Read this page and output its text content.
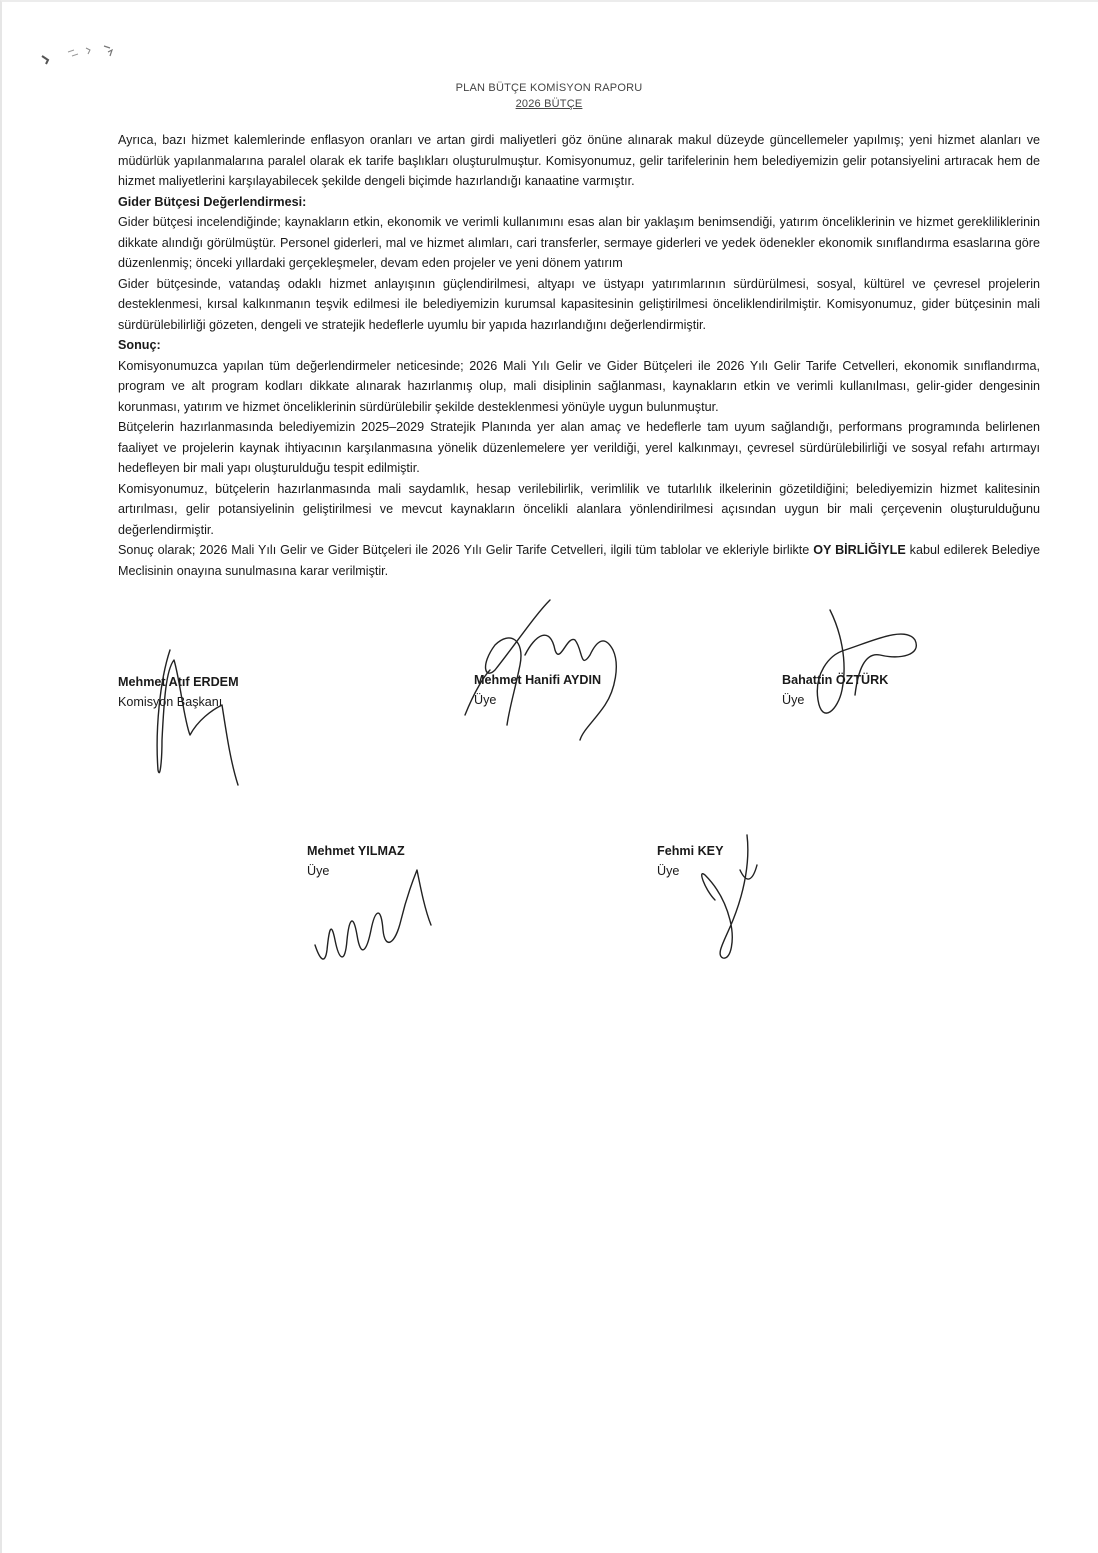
PLAN BÜTÇE KOMİSYON RAPORU
2026 BÜTÇE

Ayrıca, bazı hizmet kalemlerinde enflasyon oranları ve artan girdi maliyetleri göz önüne alınarak makul düzeyde güncellemeler yapılmış; yeni hizmet alanları ve müdürlük yapılanmalarına paralel olarak ek tarife başlıkları oluşturulmuştur. Komisyonumuz, gelir tarifelerinin hem belediyemizin gelir potansiyelini artıracak hem de hizmet maliyetlerini karşılayabilecek şekilde dengeli biçimde hazırlandığı kanaatine varmıştır.

Gider Bütçesi Değerlendirmesi:

Gider bütçesi incelendiğinde; kaynakların etkin, ekonomik ve verimli kullanımını esas alan bir yaklaşım benimsendiği, yatırım önceliklerinin ve hizmet gerekliliklerinin dikkate alındığı görülmüştür. Personel giderleri, mal ve hizmet alımları, cari transferler, sermaye giderleri ve yedek ödenekler ekonomik sınıflandırma esaslarına göre düzenlenmiş; önceki yıllardaki gerçekleşmeler, devam eden projeler ve yeni dönem yatırım

Gider bütçesinde, vatandaş odaklı hizmet anlayışının güçlendirilmesi, altyapı ve üstyapı yatırımlarının sürdürülmesi, sosyal, kültürel ve çevresel projelerin desteklenmesi, kırsal kalkınmanın teşvik edilmesi ile belediyemizin kurumsal kapasitesinin geliştirilmesi önceliklendirilmiştir. Komisyonumuz, gider bütçesinin mali sürdürülebilirliği gözeten, dengeli ve stratejik hedeflerle uyumlu bir yapıda hazırlandığını değerlendirmiştir.

Sonuç:

Komisyonumuzca yapılan tüm değerlendirmeler neticesinde; 2026 Mali Yılı Gelir ve Gider Bütçeleri ile 2026 Yılı Gelir Tarife Cetvelleri, ekonomik sınıflandırma, program ve alt program kodları dikkate alınarak hazırlanmış olup, mali disiplinin sağlanması, kaynakların etkin ve verimli kullanılması, gelir-gider dengesinin korunması, yatırım ve hizmet önceliklerinin sürdürülebilir şekilde desteklenmesi yönüyle uygun bulunmuştur.

Bütçelerin hazırlanmasında belediyemizin 2025–2029 Stratejik Planında yer alan amaç ve hedeflerle tam uyum sağlandığı, performans programında belirlenen faaliyet ve projelerin kaynak ihtiyacının karşılanmasına yönelik düzenlemelere yer verildiği, yerel kalkınmayı, çevresel sürdürülebilirliği ve sosyal refahı artırmayı hedefleyen bir mali yapı oluşturulduğu tespit edilmiştir.

Komisyonumuz, bütçelerin hazırlanmasında mali saydamlık, hesap verilebilirlik, verimlilik ve tutarlılık ilkelerinin gözetildiğini; belediyemizin hizmet kalitesinin artırılması, gelir potansiyelinin geliştirilmesi ve mevcut kaynakların öncelikli alanlara yönlendirilmesi açısından uygun bir mali çerçevenin oluşturulduğunu değerlendirmiştir.

Sonuç olarak; 2026 Mali Yılı Gelir ve Gider Bütçeleri ile 2026 Yılı Gelir Tarife Cetvelleri, ilgili tüm tablolar ve ekleriyle birlikte OY BİRLİĞİYLE kabul edilerek Belediye Meclisinin onayına sunulmasına karar verilmiştir.

Mehmet Atıf ERDEM
Komisyon Başkanı
Mehmet Hanifi AYDIN
Üye
Bahattin ÖZTÜRK
Üye
Mehmet YILMAZ
Üye
Fehmi KEY
Üye
